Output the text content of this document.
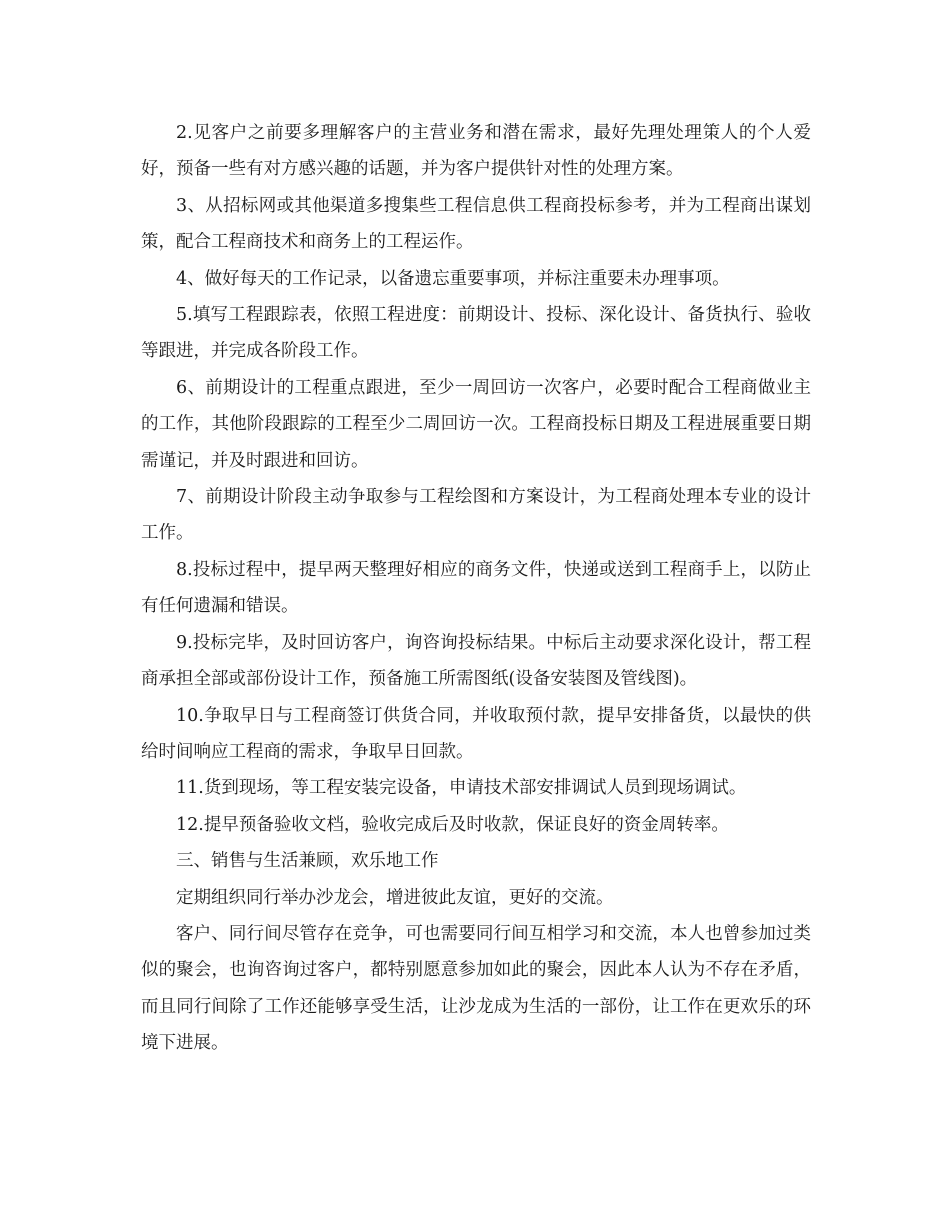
2.见客户之前要多理解客户的主营业务和潜在需求，最好先理处理策人的个人爱好，预备一些有对方感兴趣的话题，并为客户提供针对性的处理方案。

3、从招标网或其他渠道多搜集些工程信息供工程商投标参考，并为工程商出谋划策，配合工程商技术和商务上的工程运作。

4、做好每天的工作记录，以备遗忘重要事项，并标注重要未办理事项。

5.填写工程跟踪表，依照工程进度：前期设计、投标、深化设计、备货执行、验收等跟进，并完成各阶段工作。

6、前期设计的工程重点跟进，至少一周回访一次客户，必要时配合工程商做业主的工作，其他阶段跟踪的工程至少二周回访一次。工程商投标日期及工程进展重要日期需谨记，并及时跟进和回访。

7、前期设计阶段主动争取参与工程绘图和方案设计，为工程商处理本专业的设计工作。

8.投标过程中，提早两天整理好相应的商务文件，快递或送到工程商手上，以防止有任何遗漏和错误。

9.投标完毕，及时回访客户，询咨询投标结果。中标后主动要求深化设计，帮工程商承担全部或部份设计工作，预备施工所需图纸(设备安装图及管线图)。

10.争取早日与工程商签订供货合同，并收取预付款，提早安排备货，以最快的供给时间响应工程商的需求，争取早日回款。

11.货到现场，等工程安装完设备，申请技术部安排调试人员到现场调试。

12.提早预备验收文档，验收完成后及时收款，保证良好的资金周转率。

三、销售与生活兼顾，欢乐地工作

定期组织同行举办沙龙会，增进彼此友谊，更好的交流。

客户、同行间尽管存在竞争，可也需要同行间互相学习和交流，本人也曾参加过类似的聚会，也询咨询过客户，都特别愿意参加如此的聚会，因此本人认为不存在矛盾，而且同行间除了工作还能够享受生活，让沙龙成为生活的一部份，让工作在更欢乐的环境下进展。
